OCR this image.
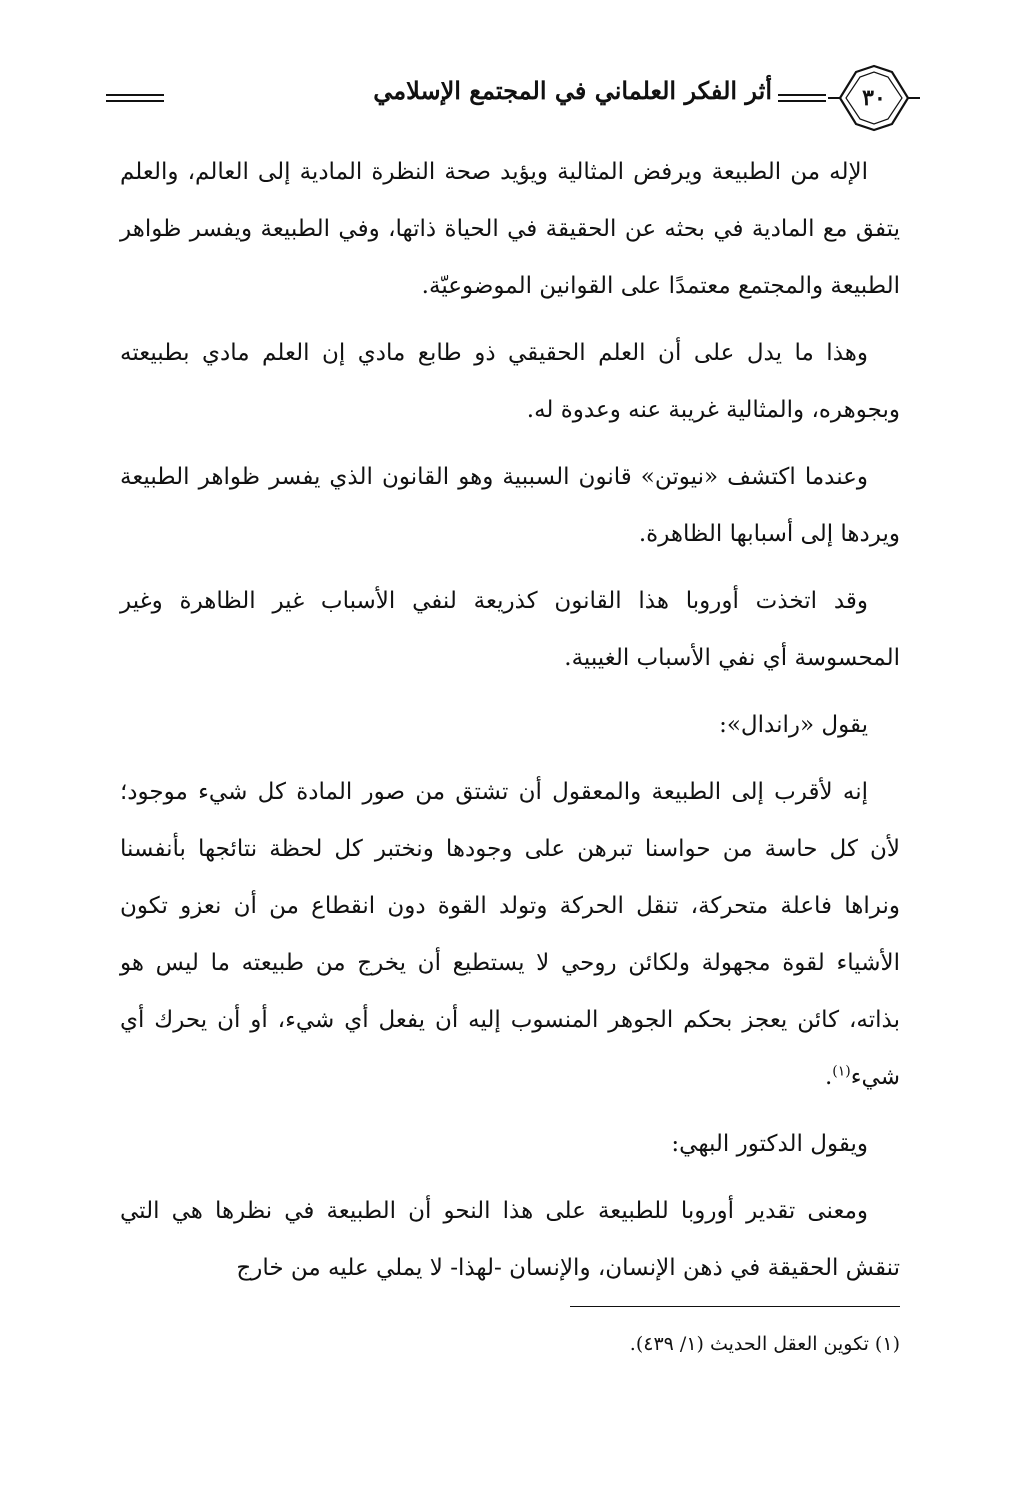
٣٠
أثر الفكر العلماني في المجتمع الإسلامي

الإله من الطبيعة ويرفض المثالية ويؤيد صحة النظرة المادية إلى العالم، والعلم يتفق مع المادية في بحثه عن الحقيقة في الحياة ذاتها، وفي الطبيعة ويفسر ظواهر الطبيعة والمجتمع معتمدًا على القوانين الموضوعيّة.

وهذا ما يدل على أن العلم الحقيقي ذو طابع مادي إن العلم مادي بطبيعته وبجوهره، والمثالية غريبة عنه وعدوة له.

وعندما اكتشف «نيوتن» قانون السببية وهو القانون الذي يفسر ظواهر الطبيعة ويردها إلى أسبابها الظاهرة.

وقد اتخذت أوروبا هذا القانون كذريعة لنفي الأسباب غير الظاهرة وغير المحسوسة أي نفي الأسباب الغيبية.

يقول «راندال»:

إنه لأقرب إلى الطبيعة والمعقول أن تشتق من صور المادة كل شيء موجود؛ لأن كل حاسة من حواسنا تبرهن على وجودها ونختبر كل لحظة نتائجها بأنفسنا ونراها فاعلة متحركة، تنقل الحركة وتولد القوة دون انقطاع من أن نعزو تكون الأشياء لقوة مجهولة ولكائن روحي لا يستطيع أن يخرج من طبيعته ما ليس هو بذاته، كائن يعجز بحكم الجوهر المنسوب إليه أن يفعل أي شيء، أو أن يحرك أي شيء$^{(١)}$.

ويقول الدكتور البهي:

ومعنى تقدير أوروبا للطبيعة على هذا النحو أن الطبيعة في نظرها هي التي تنقش الحقيقة في ذهن الإنسان، والإنسان -لهذا- لا يملي عليه من خارج

(١) تكوين العقل الحديث (١/ ٤٣٩).
